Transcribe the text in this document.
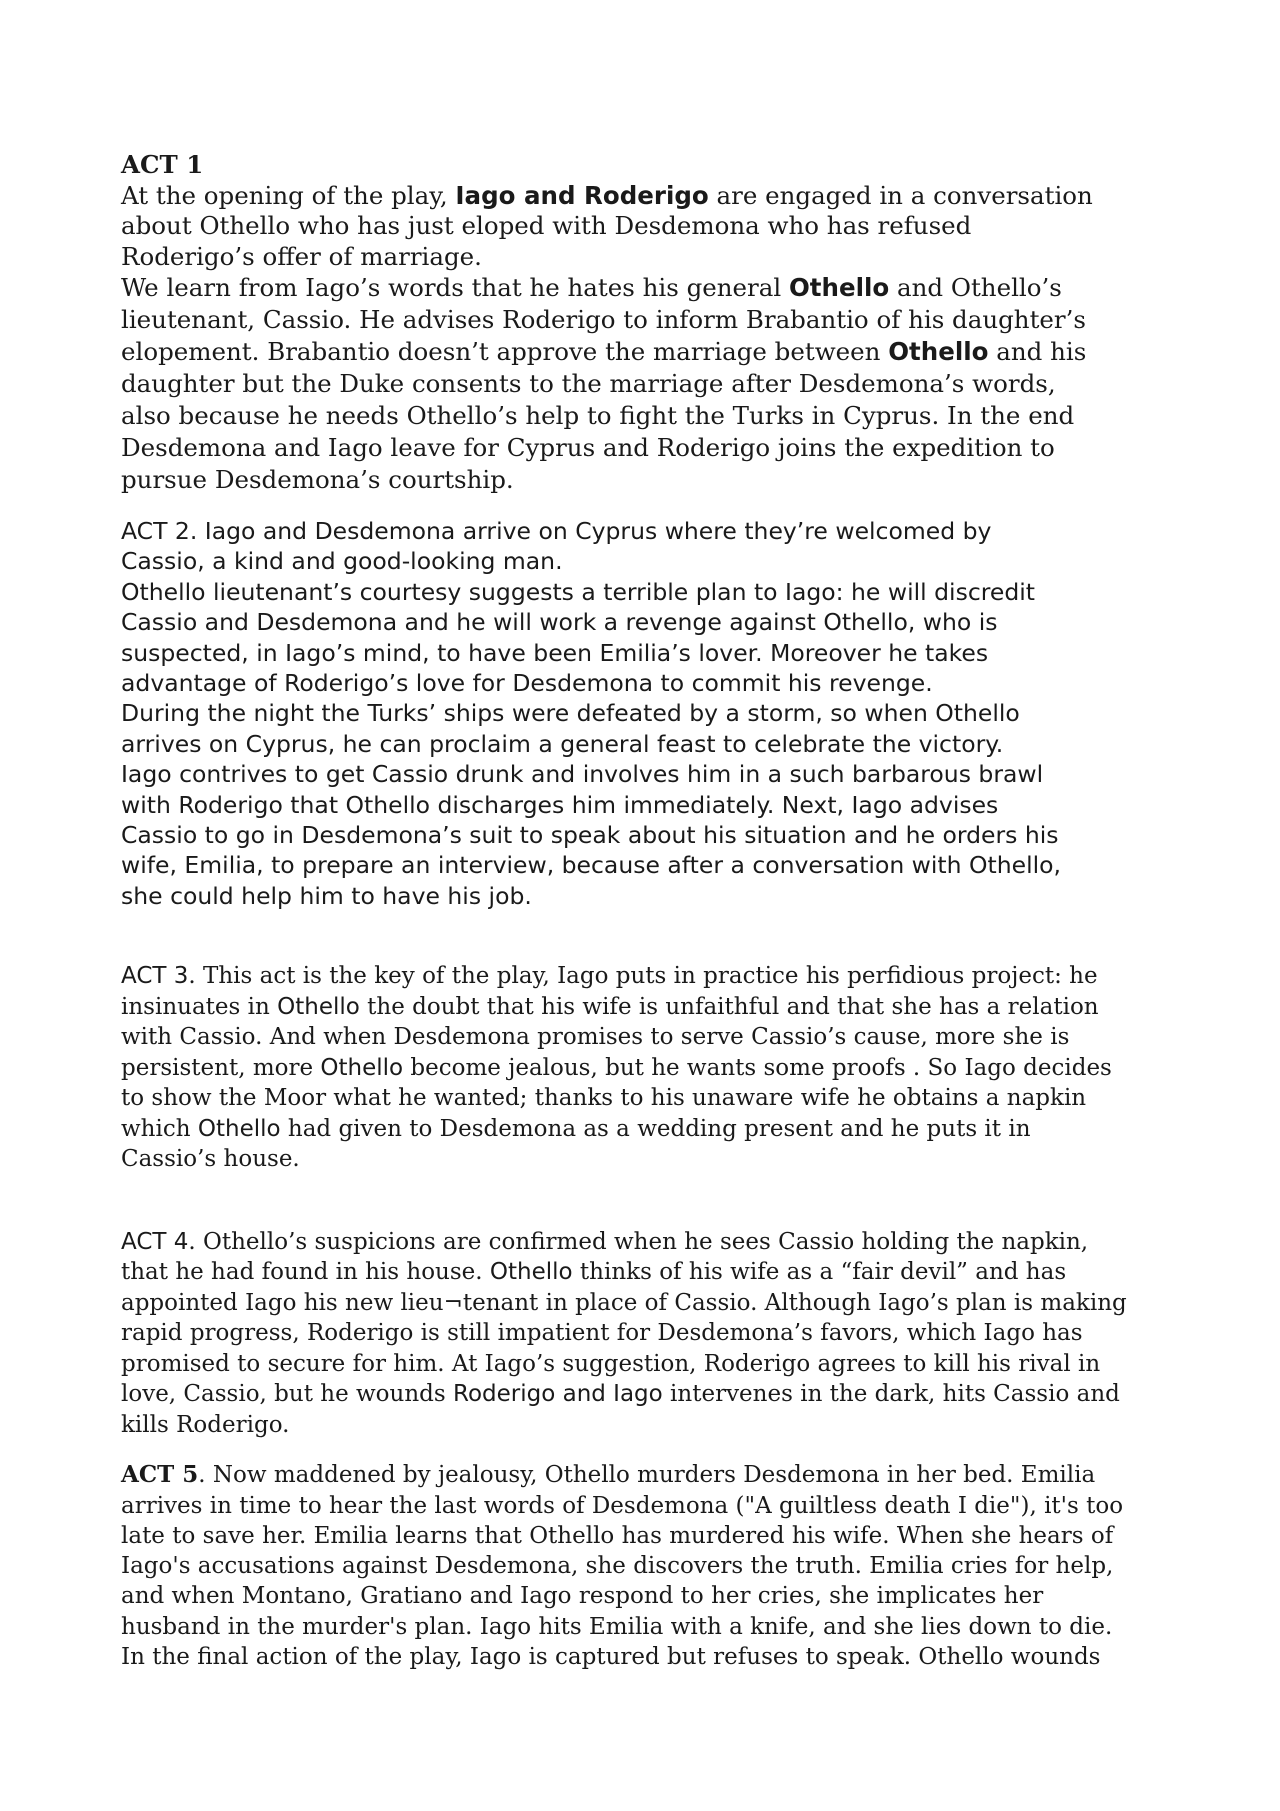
ACT 1
At the opening of the play, Iago and Roderigo are engaged in a conversation
about Othello who has just eloped with Desdemona who has refused
Roderigo’s offer of marriage.
We learn from Iago’s words that he hates his general Othello and Othello’s
lieutenant, Cassio. He advises Roderigo to inform Brabantio of his daughter’s
elopement. Brabantio doesn’t approve the marriage between Othello and his
daughter but the Duke consents to the marriage after Desdemona’s words,
also because he needs Othello’s help to fight the Turks in Cyprus. In the end
Desdemona and Iago leave for Cyprus and Roderigo joins the expedition to
pursue Desdemona’s courtship.
ACT 2. Iago and Desdemona arrive on Cyprus where they’re welcomed by
Cassio, a kind and good-looking man.
Othello lieutenant’s courtesy suggests a terrible plan to Iago: he will discredit
Cassio and Desdemona and he will work a revenge against Othello, who is
suspected, in Iago’s mind, to have been Emilia’s lover. Moreover he takes
advantage of Roderigo’s love for Desdemona to commit his revenge.
During the night the Turks’ ships were defeated by a storm, so when Othello
arrives on Cyprus, he can proclaim a general feast to celebrate the victory.
Iago contrives to get Cassio drunk and involves him in a such barbarous brawl
with Roderigo that Othello discharges him immediately. Next, Iago advises
Cassio to go in Desdemona’s suit to speak about his situation and he orders his
wife, Emilia, to prepare an interview, because after a conversation with Othello,
she could help him to have his job.
ACT 3. This act is the key of the play, Iago puts in practice his perfidious project: he
insinuates in Othello the doubt that his wife is unfaithful and that she has a relation
with Cassio. And when Desdemona promises to serve Cassio’s cause, more she is
persistent, more Othello become jealous, but he wants some proofs . So Iago decides
to show the Moor what he wanted; thanks to his unaware wife he obtains a napkin
which Othello had given to Desdemona as a wedding present and he puts it in
Cassio’s house.
ACT 4. Othello’s suspicions are confirmed when he sees Cassio holding the napkin,
that he had found in his house. Othello thinks of his wife as a “fair devil” and has
appointed Iago his new lieu¬tenant in place of Cassio. Although Iago’s plan is making
rapid progress, Roderigo is still impatient for Desdemona’s favors, which Iago has
promised to secure for him. At Iago’s suggestion, Roderigo agrees to kill his rival in
love, Cassio, but he wounds Roderigo and Iago intervenes in the dark, hits Cassio and
kills Roderigo.
ACT 5. Now maddened by jealousy, Othello murders Desdemona in her bed. Emilia
arrives in time to hear the last words of Desdemona ("A guiltless death I die"), it's too
late to save her. Emilia learns that Othello has murdered his wife. When she hears of
Iago's accusations against Desdemona, she discovers the truth. Emilia cries for help,
and when Montano, Gratiano and Iago respond to her cries, she implicates her
husband in the murder's plan. Iago hits Emilia with a knife, and she lies down to die.
In the final action of the play, Iago is captured but refuses to speak. Othello wounds
